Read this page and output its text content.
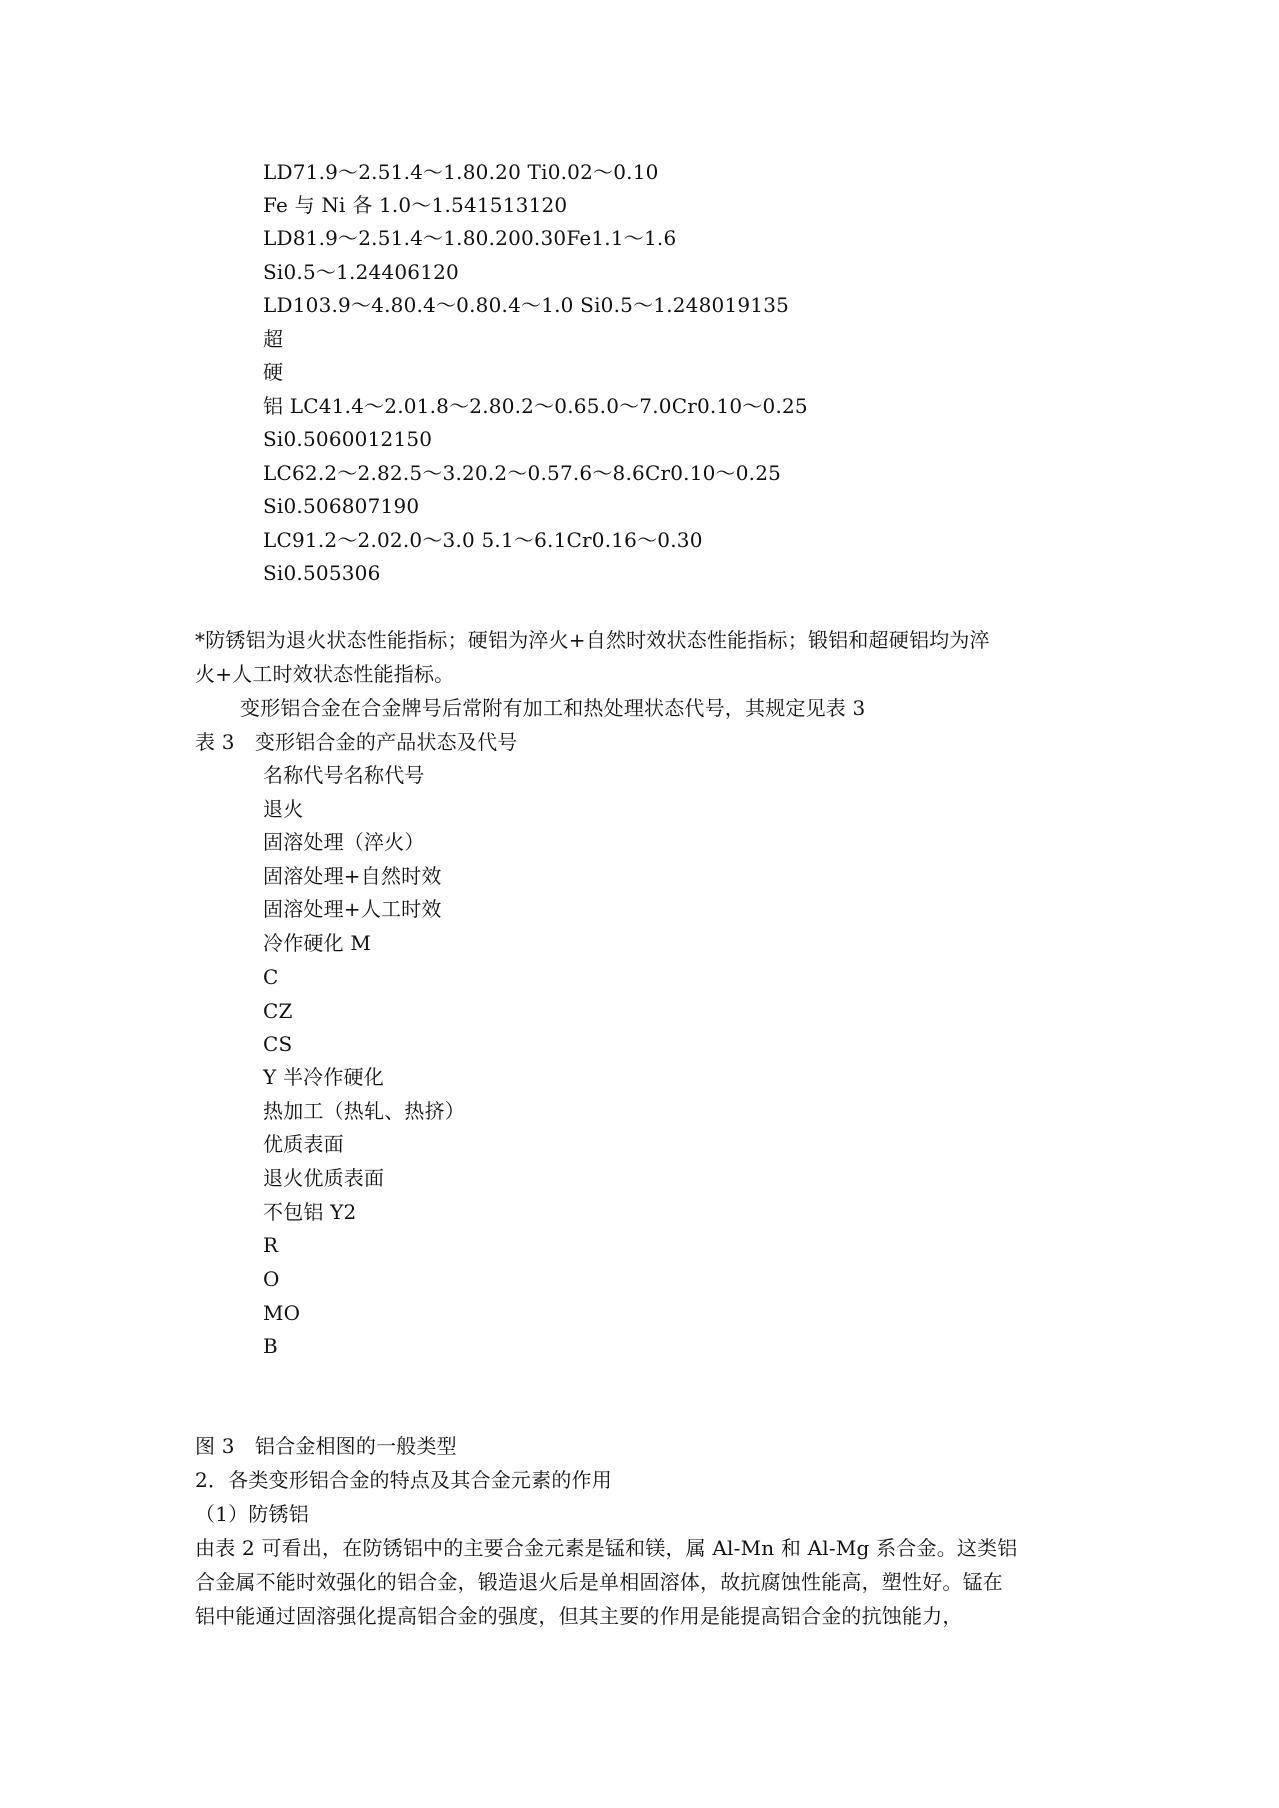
LD71.9～2.51.4～1.80.20 Ti0.02～0.10
Fe 与 Ni 各 1.0～1.541513120
LD81.9～2.51.4～1.80.200.30Fe1.1～1.6
Si0.5～1.24406120
LD103.9～4.80.4～0.80.4～1.0 Si0.5～1.248019135
超
硬
铝 LC41.4～2.01.8～2.80.2～0.65.0～7.0Cr0.10～0.25
Si0.5060012150
LC62.2～2.82.5～3.20.2～0.57.6～8.6Cr0.10～0.25
Si0.506807190
LC91.2～2.02.0～3.0 5.1～6.1Cr0.16～0.30
Si0.505306
*防锈铝为退火状态性能指标；硬铝为淬火+自然时效状态性能指标；锻铝和超硬铝均为淬
火+人工时效状态性能指标。
变形铝合金在合金牌号后常附有加工和热处理状态代号，其规定见表 3
表 3　变形铝合金的产品状态及代号
名称代号名称代号
退火
固溶处理（淬火）
固溶处理+自然时效
固溶处理+人工时效
冷作硬化 M
C
CZ
CS
Y 半冷作硬化
热加工（热轧、热挤）
优质表面
退火优质表面
不包铝 Y2
R
O
MO
B
图 3　铝合金相图的一般类型
2．各类变形铝合金的特点及其合金元素的作用
（1）防锈铝
由表 2 可看出，在防锈铝中的主要合金元素是锰和镁，属 Al-Mn 和 Al-Mg 系合金。这类铝
合金属不能时效强化的铝合金，锻造退火后是单相固溶体，故抗腐蚀性能高，塑性好。锰在
铝中能通过固溶强化提高铝合金的强度，但其主要的作用是能提高铝合金的抗蚀能力，
